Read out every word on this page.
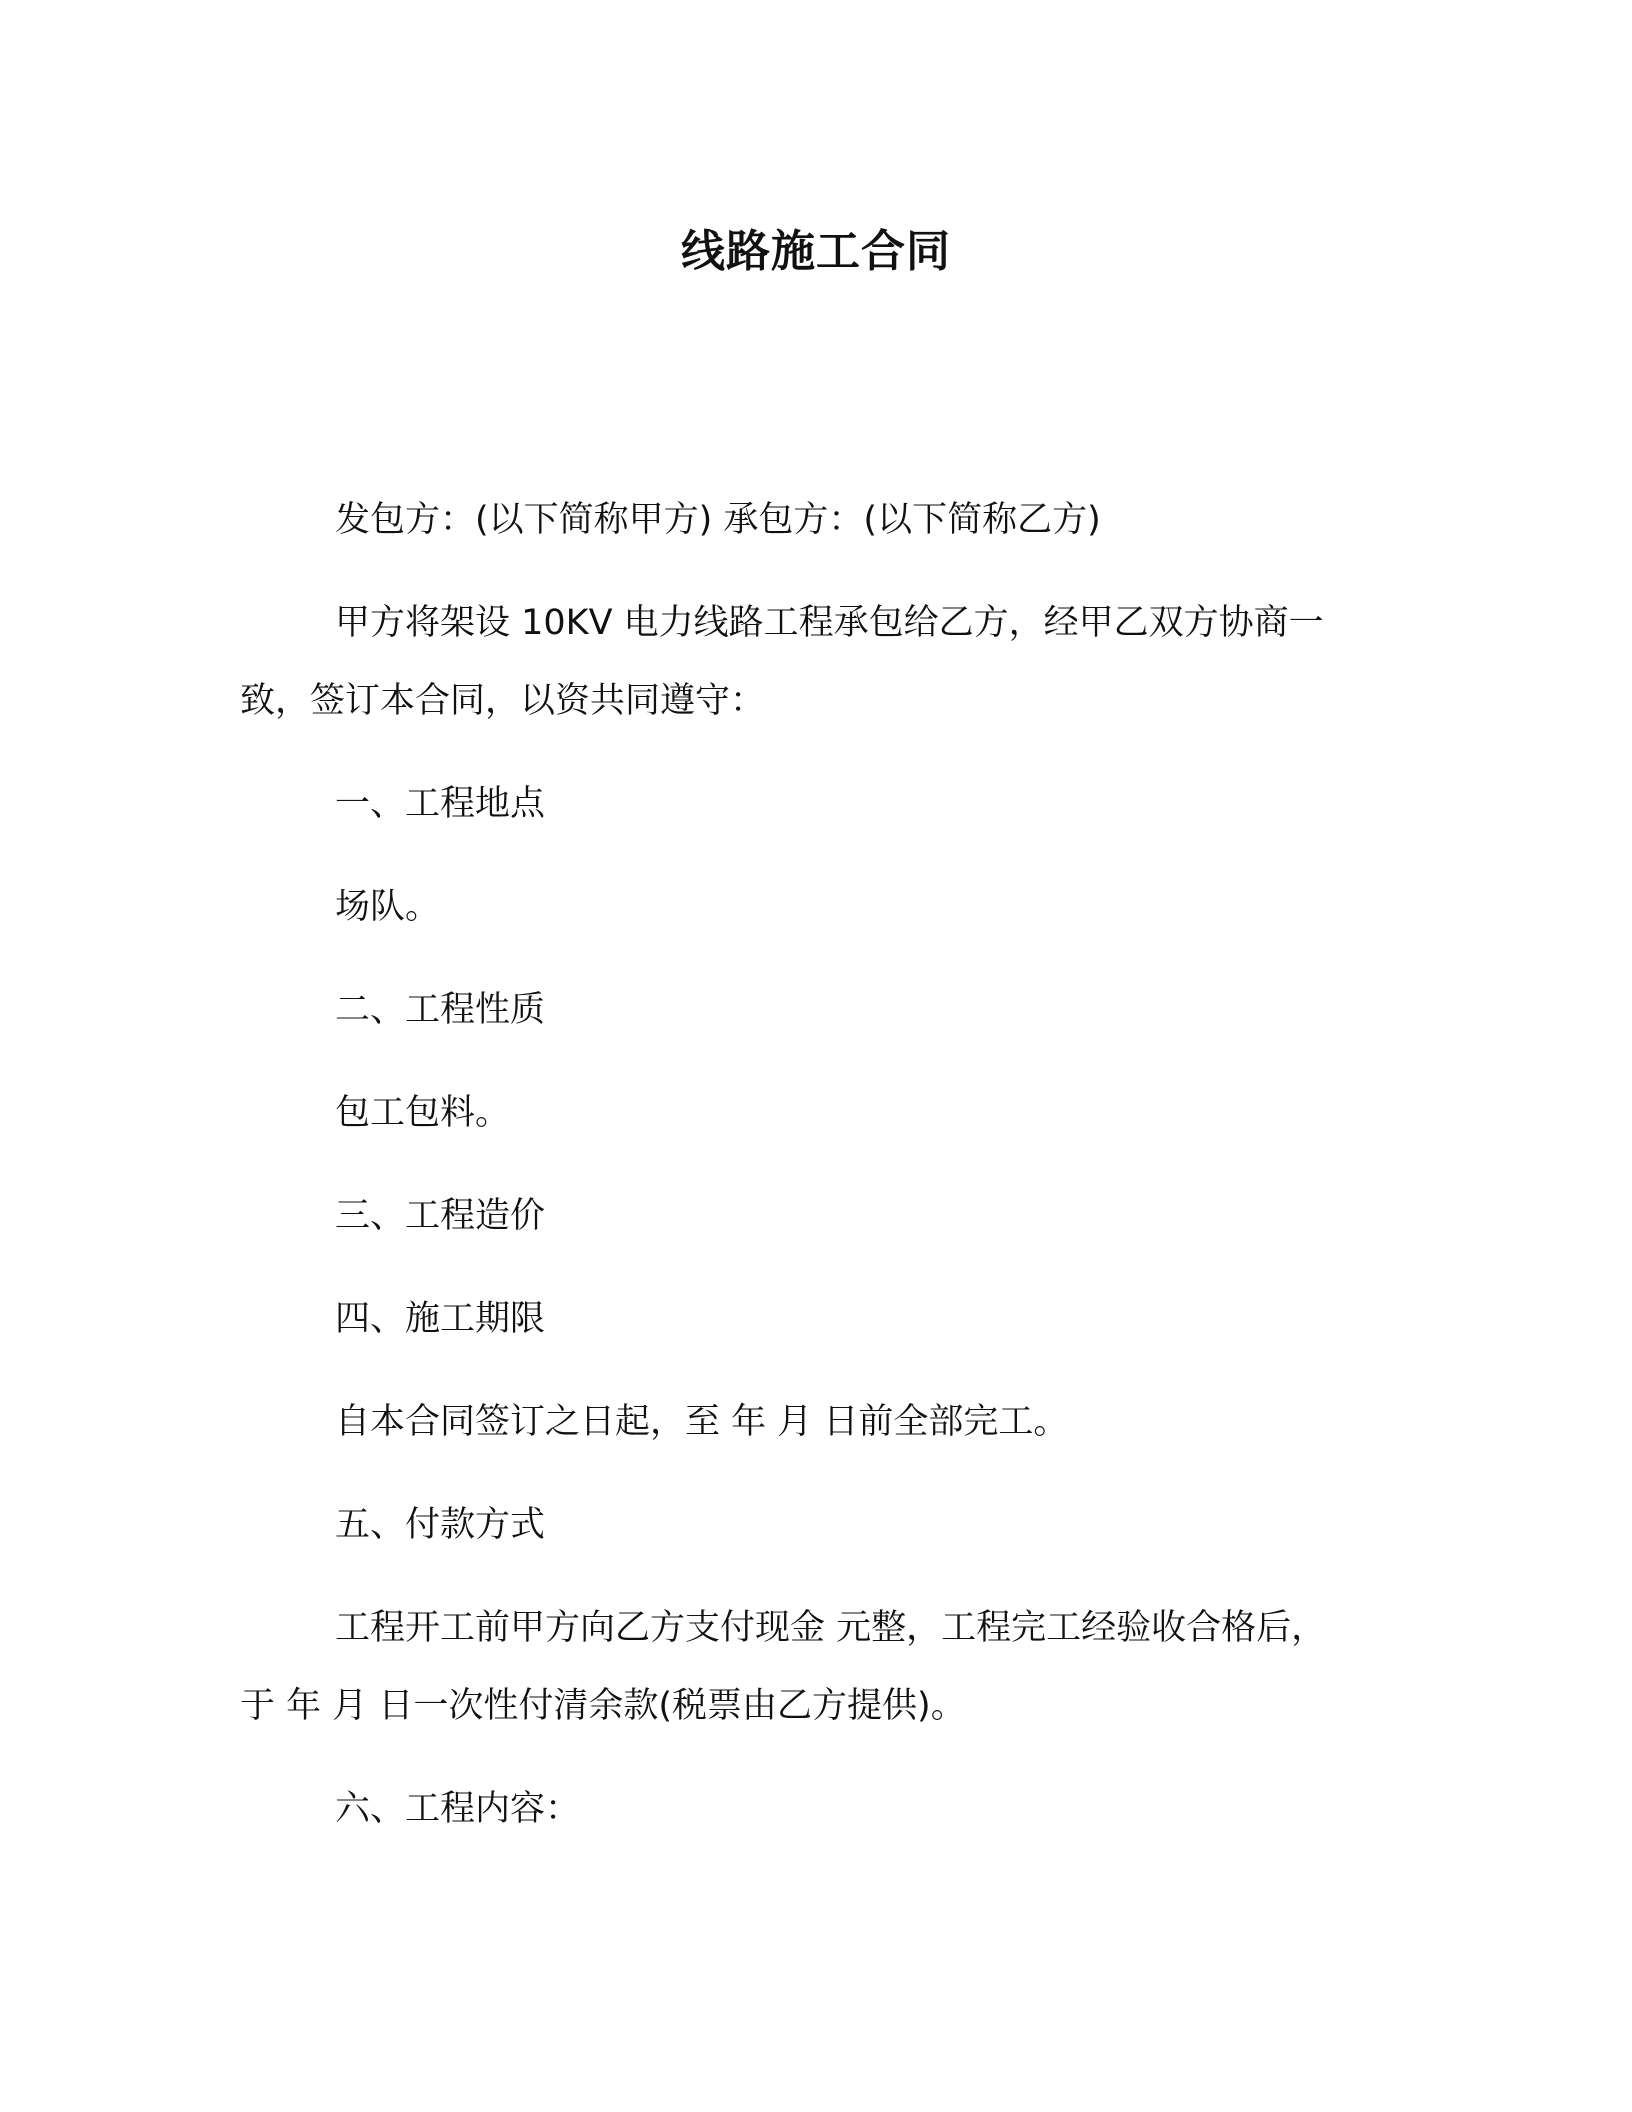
线路施工合同
发包方：(以下简称甲方) 承包方：(以下简称乙方)
甲方将架设 10KV 电力线路工程承包给乙方，经甲乙双方协商一
致，签订本合同，以资共同遵守：
一、工程地点
场队。
二、工程性质
包工包料。
三、工程造价
四、施工期限
自本合同签订之日起，至 年 月 日前全部完工。
五、付款方式
工程开工前甲方向乙方支付现金 元整，工程完工经验收合格后，
于 年 月 日一次性付清余款(税票由乙方提供)。
六、工程内容：
